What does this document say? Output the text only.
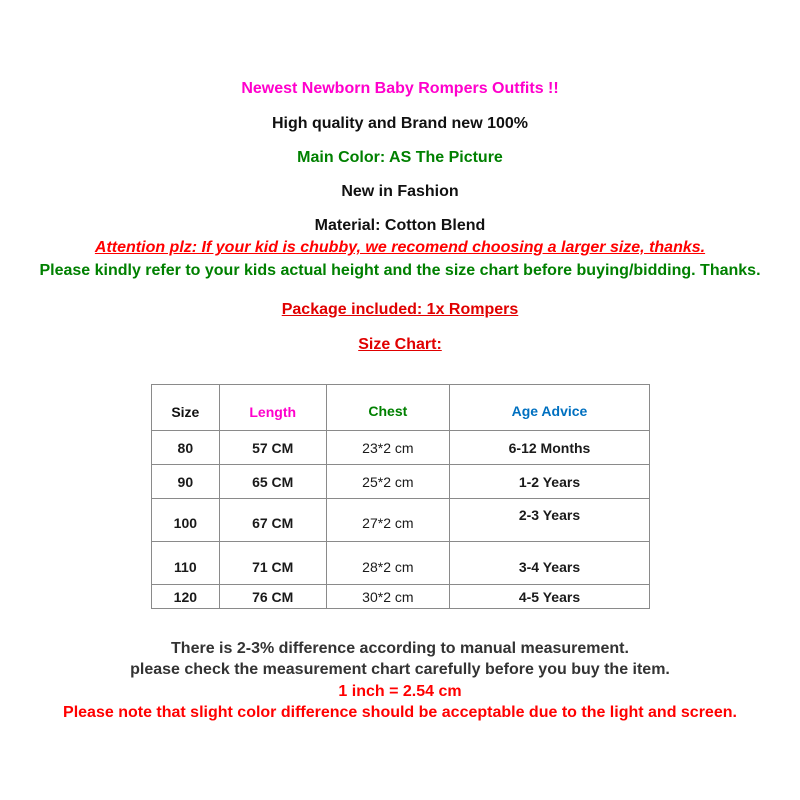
Newest Newborn Baby Rompers Outfits !!
High quality and Brand new 100%
Main Color: AS The Picture
New in Fashion
Material: Cotton Blend
Attention plz: If your kid is chubby, we recomend choosing a larger size, thanks.
Please kindly refer to your kids actual height and the size chart before buying/bidding. Thanks.
Package included: 1x Rompers
Size Chart:
Size	Length	Chest	Age Advice
80	57 CM	23*2 cm	6-12 Months
90	65 CM	25*2 cm	1-2 Years
100	67 CM	27*2 cm	2-3 Years
110	71 CM	28*2 cm	3-4 Years
120	76 CM	30*2 cm	4-5 Years
There is 2-3% difference according to manual measurement.
please check the measurement chart carefully before you buy the item.
1 inch = 2.54 cm
Please note that slight color difference should be acceptable due to the light and screen.
